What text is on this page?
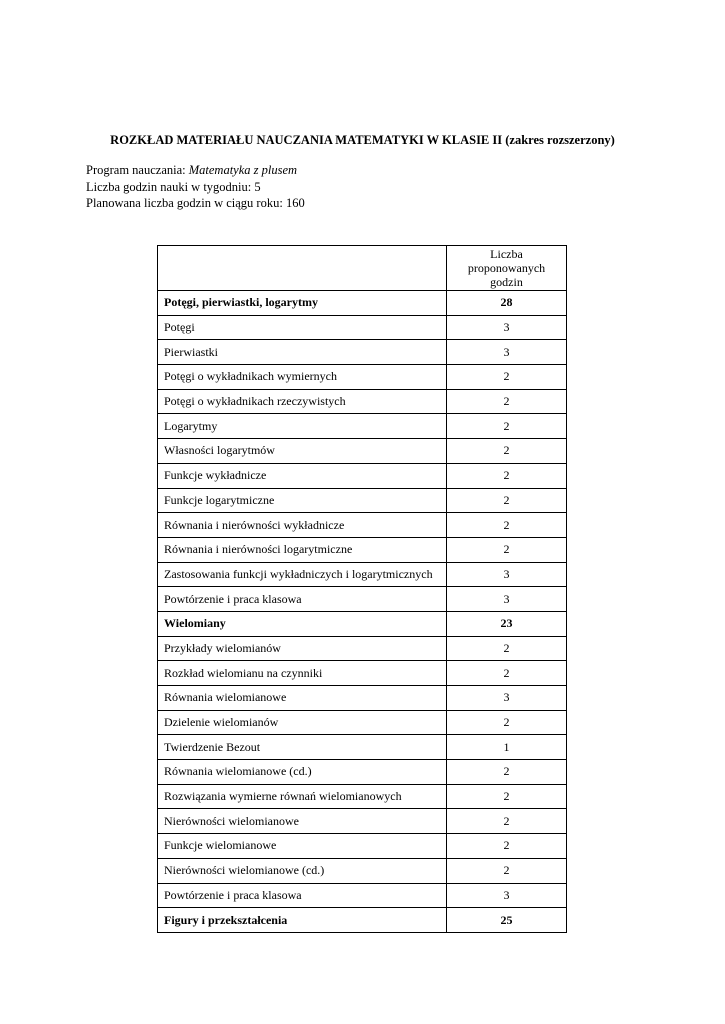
ROZKŁAD MATERIAŁU NAUCZANIA MATEMATYKI W KLASIE II (zakres rozszerzony)
Program nauczania: Matematyka z plusem
Liczba godzin nauki w tygodniu: 5
Planowana liczba godzin w ciągu roku: 160
	Liczba proponowanych godzin
Potęgi, pierwiastki, logarytmy	28
Potęgi	3
Pierwiastki	3
Potęgi o wykładnikach wymiernych	2
Potęgi o wykładnikach rzeczywistych	2
Logarytmy	2
Własności logarytmów	2
Funkcje wykładnicze	2
Funkcje logarytmiczne	2
Równania i nierówności wykładnicze	2
Równania i nierówności logarytmiczne	2
Zastosowania funkcji wykładniczych i logarytmicznych	3
Powtórzenie i praca klasowa	3
Wielomiany	23
Przykłady wielomianów	2
Rozkład wielomianu na czynniki	2
Równania wielomianowe	3
Dzielenie wielomianów	2
Twierdzenie Bezout	1
Równania wielomianowe (cd.)	2
Rozwiązania wymierne równań wielomianowych	2
Nierówności wielomianowe	2
Funkcje wielomianowe	2
Nierówności wielomianowe (cd.)	2
Powtórzenie i praca klasowa	3
Figury i przekształcenia	25
